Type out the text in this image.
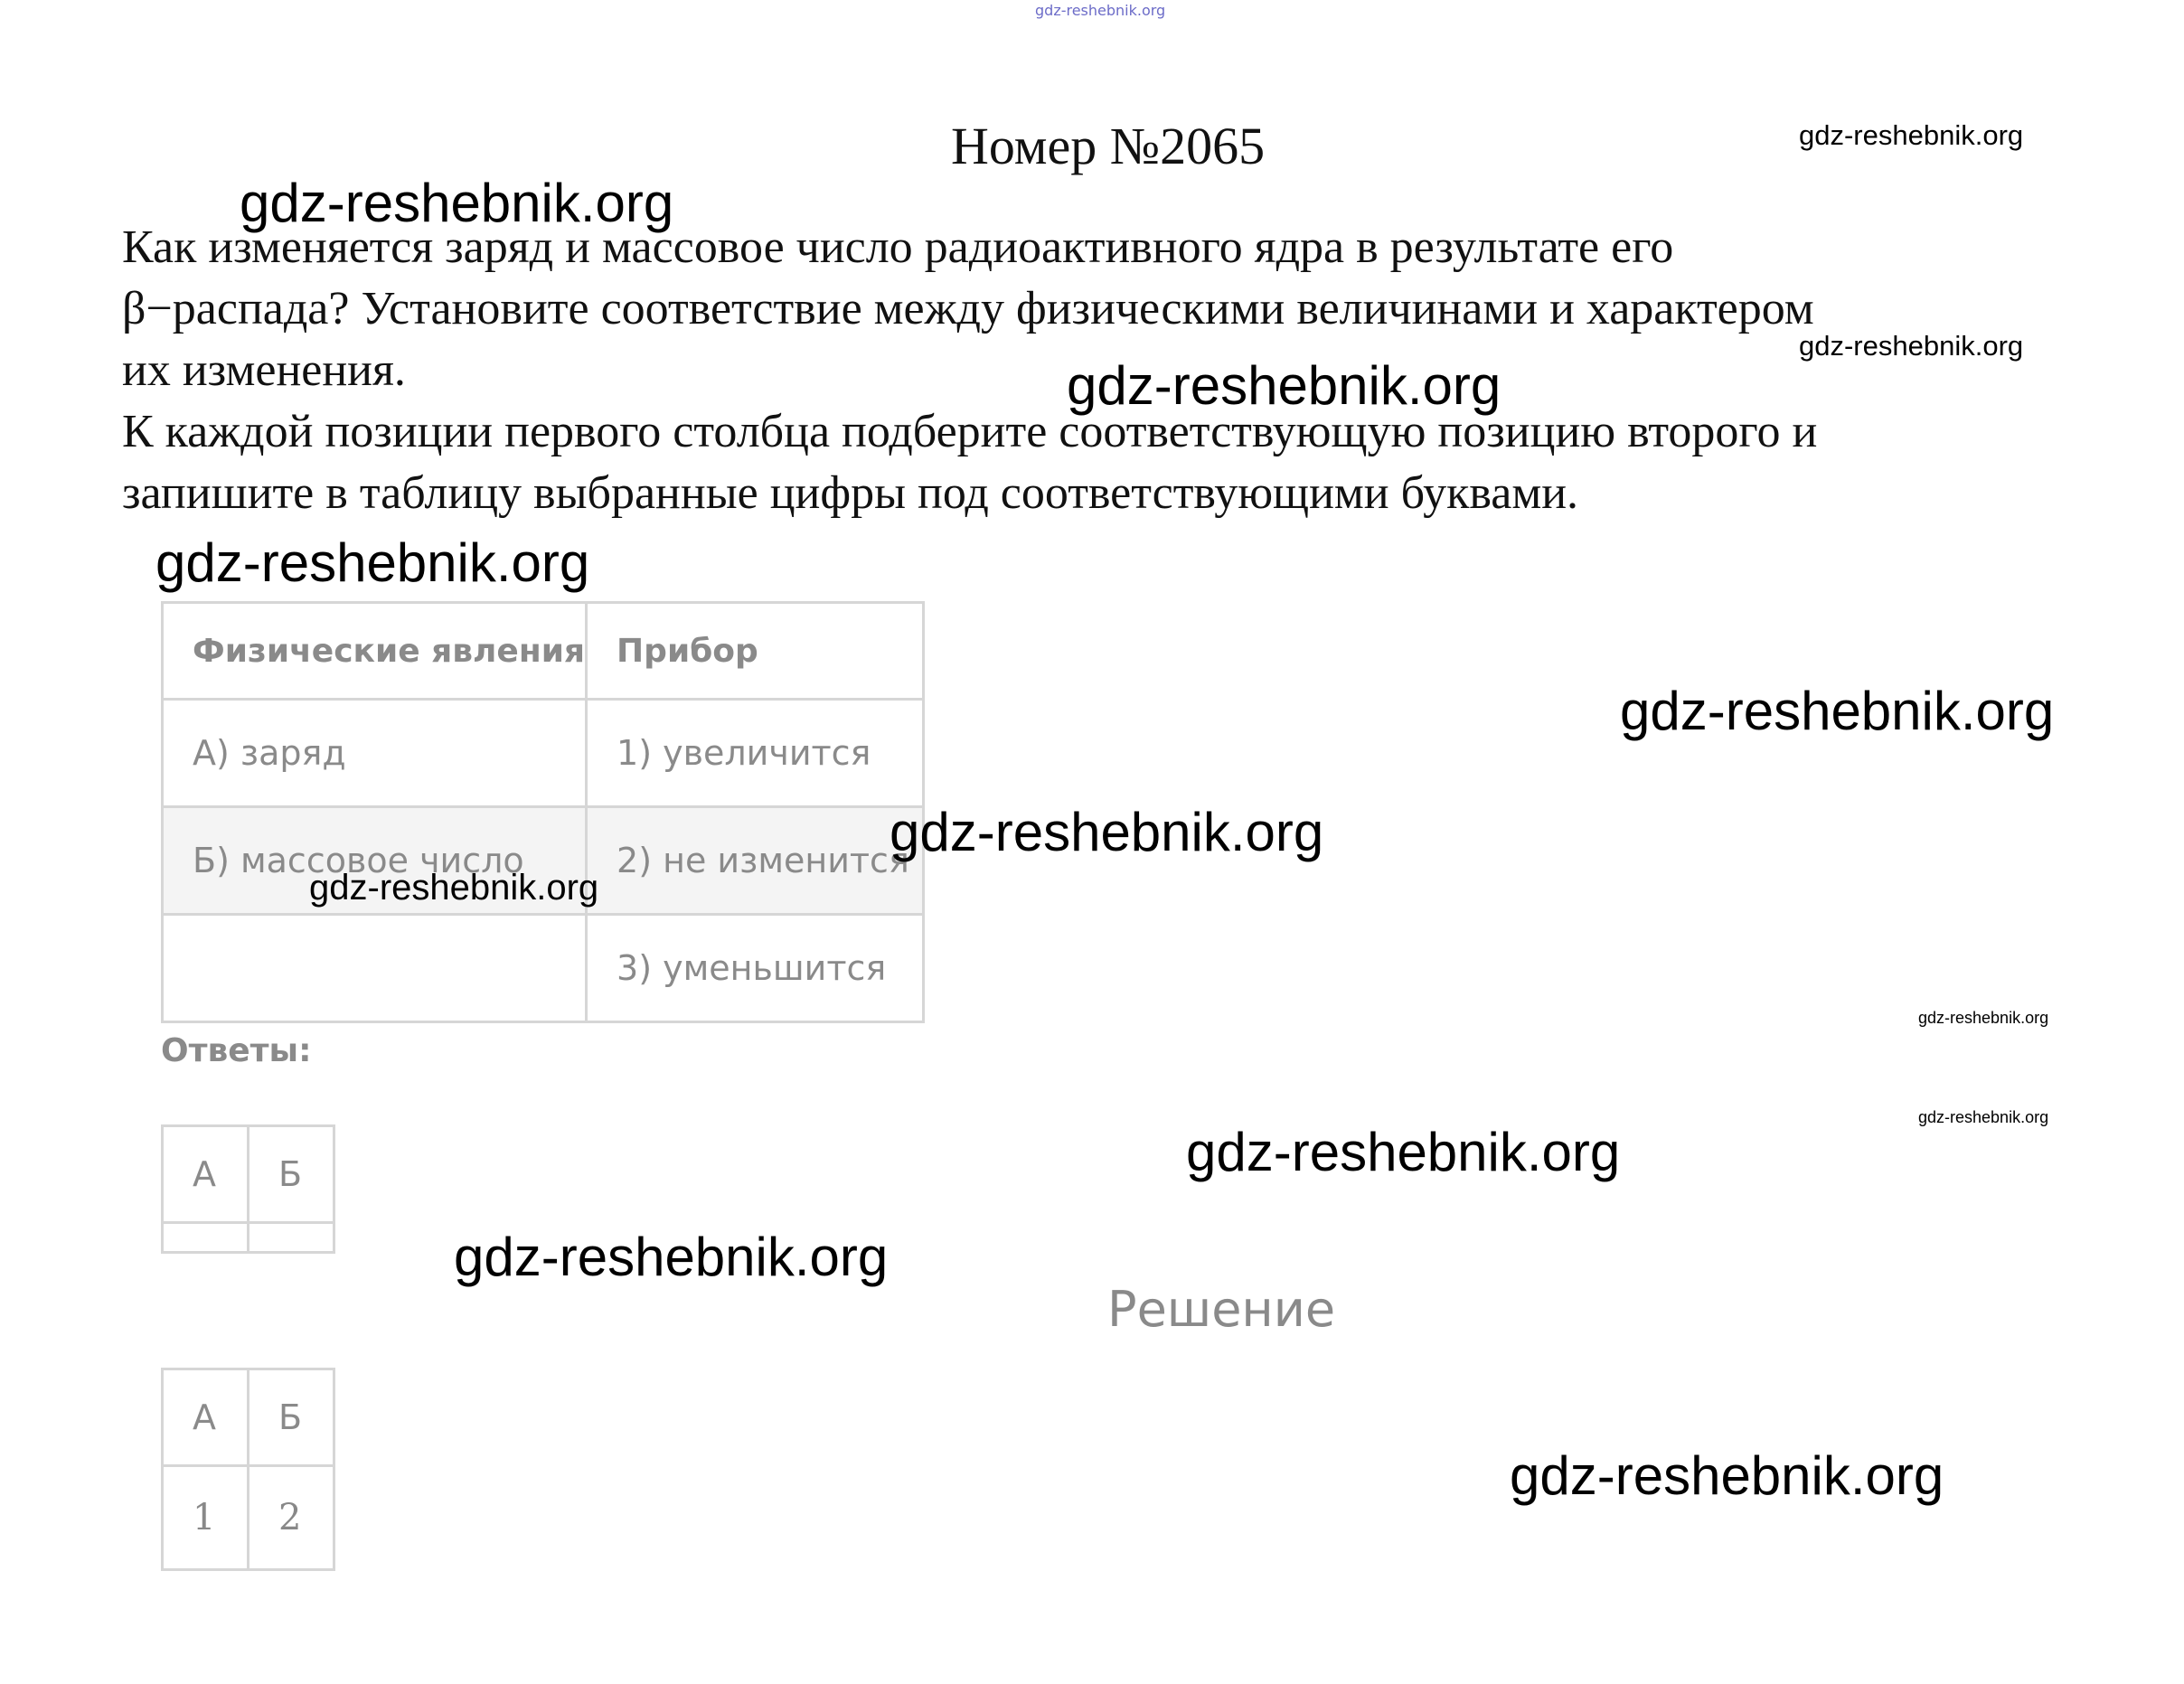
gdz-reshebnik.org
Номер №2065

Как изменяется заряд и массовое число радиоактивного ядра в результате его

β−распада? Установите соответствие между физическими величинами и характером

их изменения.

К каждой позиции первого столбца подберите соответствующую позицию второго и

запишите в таблицу выбранные цифры под соответствующими буквами.

Физические явления	Прибор
А) заряд	1) увеличится
Б) массовое число	2) не изменится
	3) уменьшится
Ответы:
А	Б

Решение
А	Б
1	2
gdz-reshebnik.org
gdz-reshebnik.org
gdz-reshebnik.org
gdz-reshebnik.org
gdz-reshebnik.org
gdz-reshebnik.org
gdz-reshebnik.org
gdz-reshebnik.org
gdz-reshebnik.org
gdz-reshebnik.org
gdz-reshebnik.org
gdz-reshebnik.org
gdz-reshebnik.org
